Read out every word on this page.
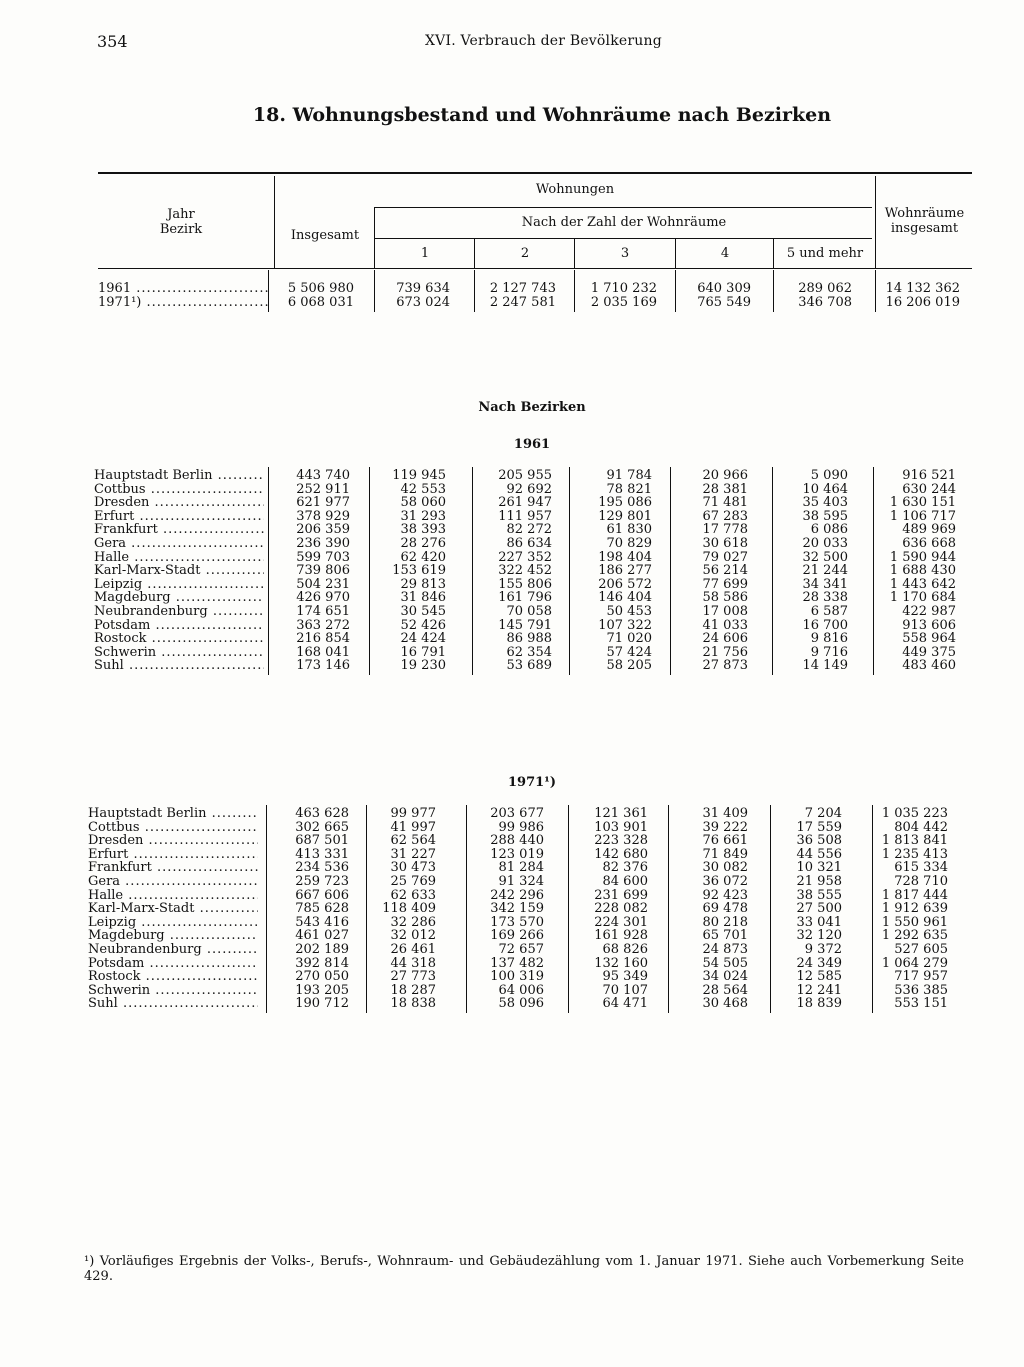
354	XVI. Verbrauch der Bevölkerung
18. Wohnungsbestand und Wohnräume nach Bezirken
Jahr
Bezirk
Wohnungen
Insgesamt
Nach der Zahl der Wohnräume
1	2	3	4	5 und mehr
Wohnräume
insgesamt
1961 .....	5 506 980	739 634	2 127 743	1 710 232	640 309	289 062	14 132 362
1971¹) .....	6 068 031	673 024	2 247 581	2 035 169	765 549	346 708	16 206 019
Nach Bezirken
1961
Hauptstadt Berlin .....	443 740	119 945	205 955	91 784	20 966	5 090	916 521
Cottbus .....	252 911	42 553	92 692	78 821	28 381	10 464	630 244
Dresden .....	621 977	58 060	261 947	195 086	71 481	35 403	1 630 151
Erfurt .....	378 929	31 293	111 957	129 801	67 283	38 595	1 106 717
Frankfurt .....	206 359	38 393	82 272	61 830	17 778	6 086	489 969
Gera .....	236 390	28 276	86 634	70 829	30 618	20 033	636 668
Halle .....	599 703	62 420	227 352	198 404	79 027	32 500	1 590 944
Karl-Marx-Stadt .....	739 806	153 619	322 452	186 277	56 214	21 244	1 688 430
Leipzig .....	504 231	29 813	155 806	206 572	77 699	34 341	1 443 642
Magdeburg .....	426 970	31 846	161 796	146 404	58 586	28 338	1 170 684
Neubrandenburg .....	174 651	30 545	70 058	50 453	17 008	6 587	422 987
Potsdam .....	363 272	52 426	145 791	107 322	41 033	16 700	913 606
Rostock .....	216 854	24 424	86 988	71 020	24 606	9 816	558 964
Schwerin .....	168 041	16 791	62 354	57 424	21 756	9 716	449 375
Suhl .....	173 146	19 230	53 689	58 205	27 873	14 149	483 460
1971¹)
Hauptstadt Berlin .....	463 628	99 977	203 677	121 361	31 409	7 204	1 035 223
Cottbus .....	302 665	41 997	99 986	103 901	39 222	17 559	804 442
Dresden .....	687 501	62 564	288 440	223 328	76 661	36 508	1 813 841
Erfurt .....	413 331	31 227	123 019	142 680	71 849	44 556	1 235 413
Frankfurt .....	234 536	30 473	81 284	82 376	30 082	10 321	615 334
Gera .....	259 723	25 769	91 324	84 600	36 072	21 958	728 710
Halle .....	667 606	62 633	242 296	231 699	92 423	38 555	1 817 444
Karl-Marx-Stadt .....	785 628	118 409	342 159	228 082	69 478	27 500	1 912 639
Leipzig .....	543 416	32 286	173 570	224 301	80 218	33 041	1 550 961
Magdeburg .....	461 027	32 012	169 266	161 928	65 701	32 120	1 292 635
Neubrandenburg .....	202 189	26 461	72 657	68 826	24 873	9 372	527 605
Potsdam .....	392 814	44 318	137 482	132 160	54 505	24 349	1 064 279
Rostock .....	270 050	27 773	100 319	95 349	34 024	12 585	717 957
Schwerin .....	193 205	18 287	64 006	70 107	28 564	12 241	536 385
Suhl .....	190 712	18 838	58 096	64 471	30 468	18 839	553 151
¹) Vorläufiges Ergebnis der Volks-, Berufs-, Wohnraum- und Gebäudezählung vom 1. Januar 1971. Siehe auch Vorbemerkung Seite 429.
